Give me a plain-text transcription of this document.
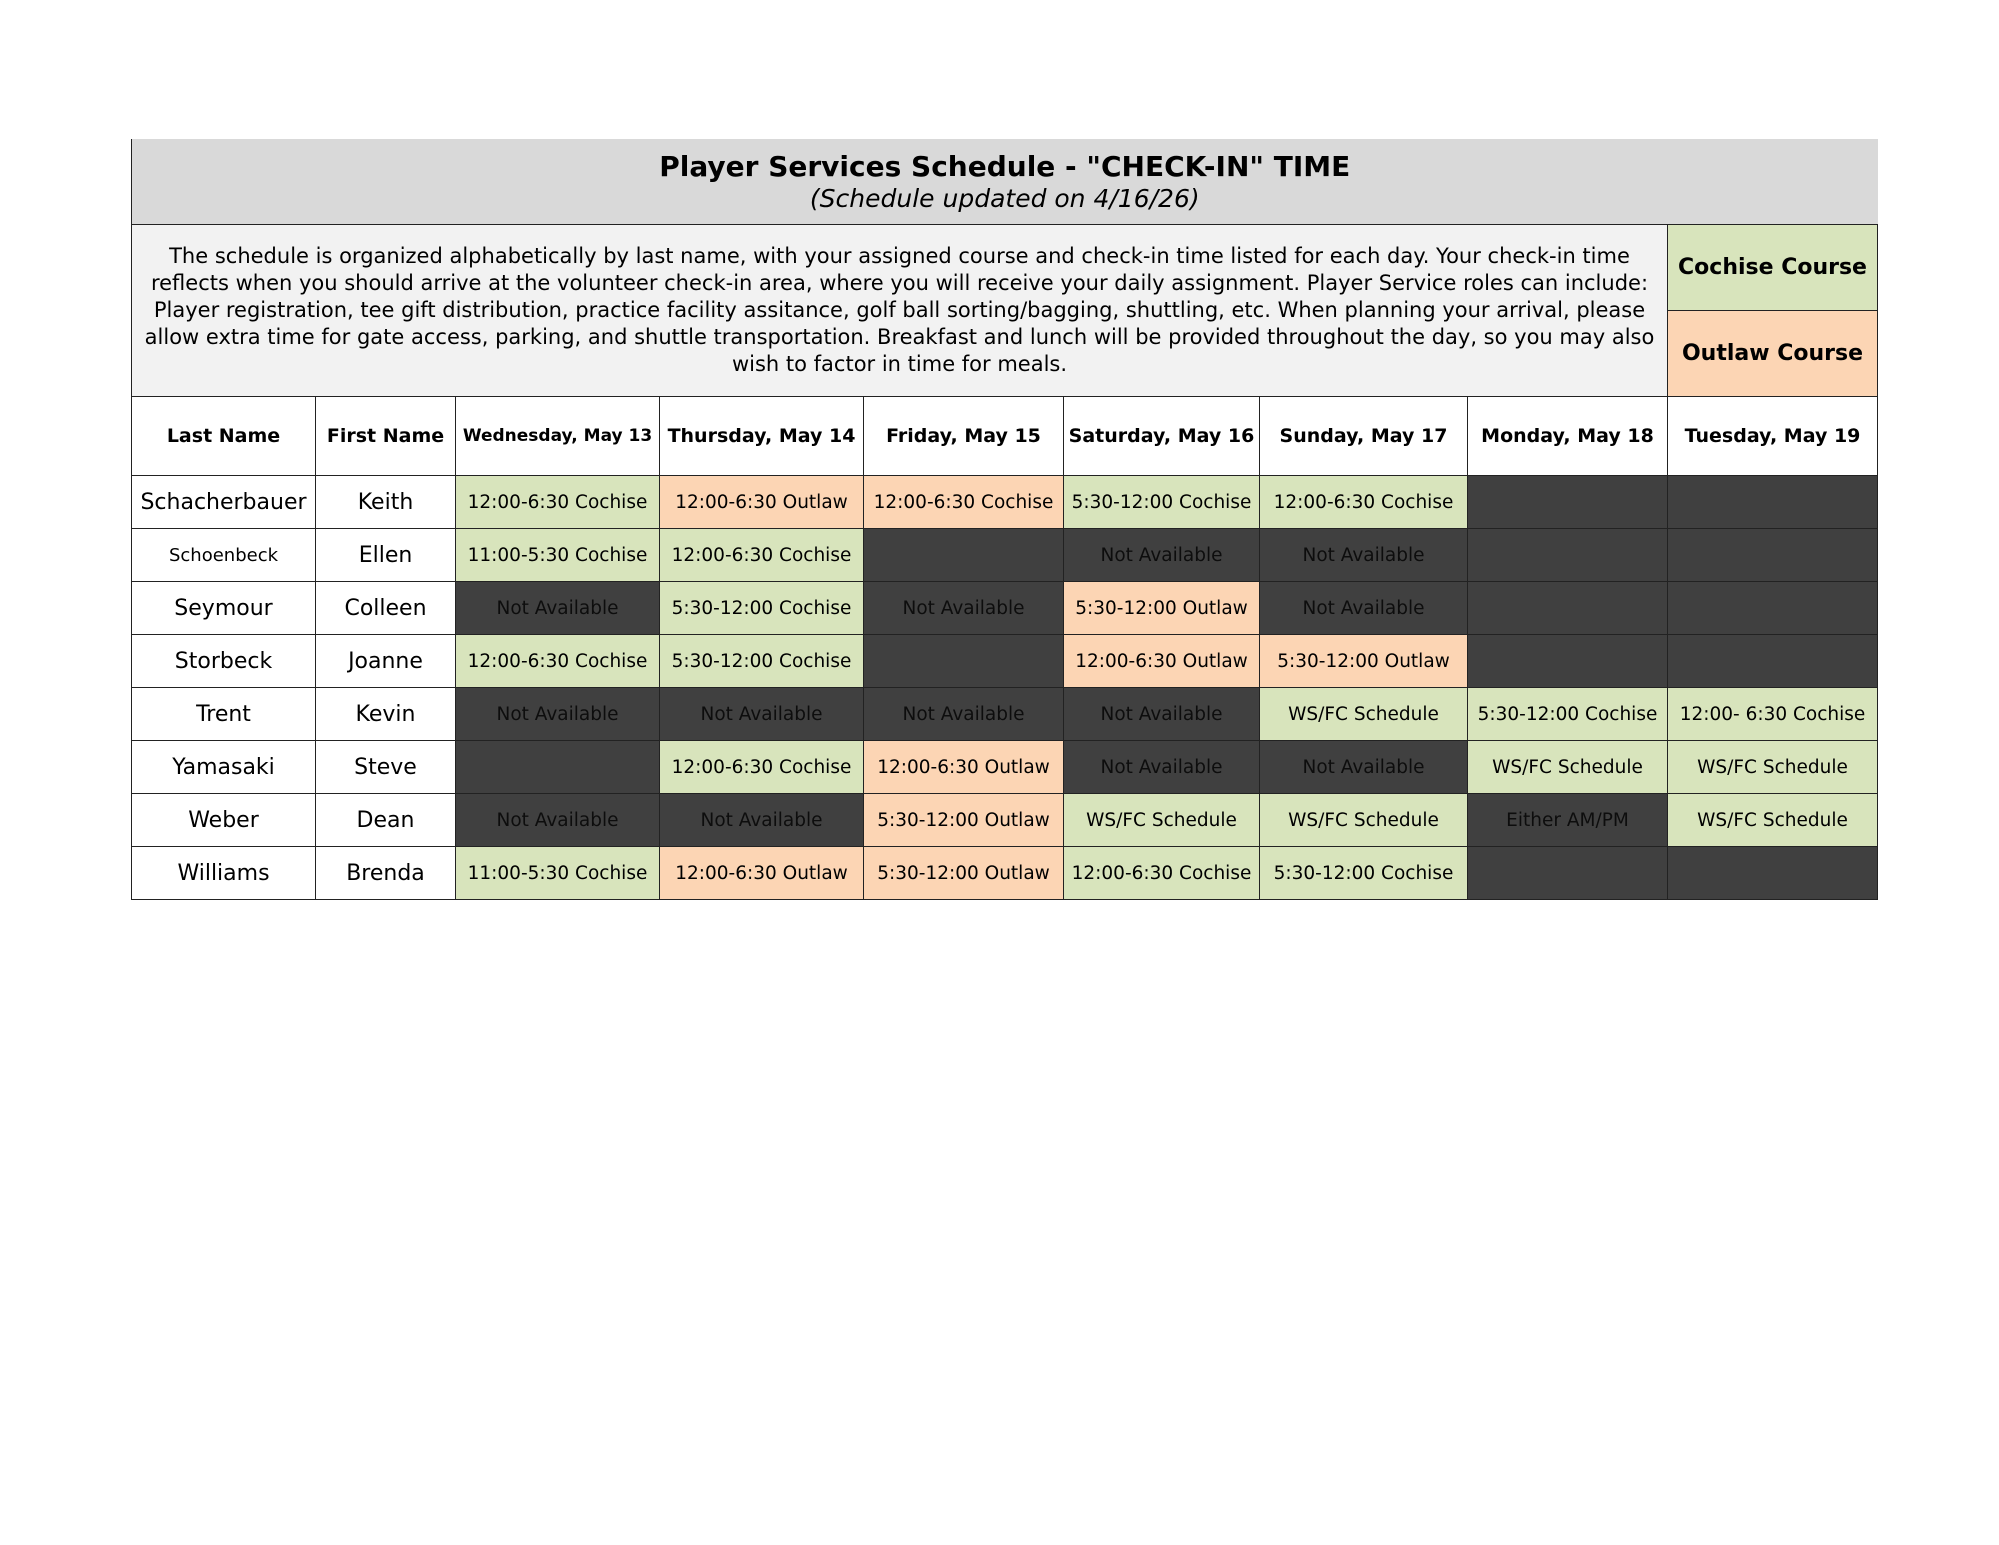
Player Services Schedule - "CHECK-IN" TIME
(Schedule updated on 4/16/26)								

The schedule is organized alphabetically by last name, with your assigned course and check-in time listed for each day. Your check-in time reflects when you should arrive at the volunteer check-in area, where you will receive your daily assignment. Player Service roles can include: Player registration, tee gift distribution, practice facility assitance, golf ball sorting/bagging, shuttling, etc. When planning your arrival, please allow extra time for gate access, parking, and shuttle transportation. Breakfast and lunch will be provided throughout the day, so you may also wish to factor in time for meals.								Cochise Course
								Outlaw Course
Last Name	First Name	Wednesday, May 13	Thursday, May 14	Friday, May 15	Saturday, May 16	Sunday, May 17	Monday, May 18	Tuesday, May 19
Schacherbauer	Keith	12:00-6:30 Cochise	12:00-6:30 Outlaw	12:00-6:30 Cochise	5:30-12:00 Cochise	12:00-6:30 Cochise		
Schoenbeck	Ellen	11:00-5:30 Cochise	12:00-6:30 Cochise		Not Available	Not Available		
Seymour	Colleen	Not Available	5:30-12:00 Cochise	Not Available	5:30-12:00 Outlaw	Not Available		
Storbeck	Joanne	12:00-6:30 Cochise	5:30-12:00 Cochise		12:00-6:30 Outlaw	5:30-12:00 Outlaw		
Trent	Kevin	Not Available	Not Available	Not Available	Not Available	WS/FC Schedule	5:30-12:00 Cochise	12:00- 6:30 Cochise
Yamasaki	Steve		12:00-6:30 Cochise	12:00-6:30 Outlaw	Not Available	Not Available	WS/FC Schedule	WS/FC Schedule
Weber	Dean	Not Available	Not Available	5:30-12:00 Outlaw	WS/FC Schedule	WS/FC Schedule	Either AM/PM	WS/FC Schedule
Williams	Brenda	11:00-5:30 Cochise	12:00-6:30 Outlaw	5:30-12:00 Outlaw	12:00-6:30 Cochise	5:30-12:00 Cochise		
